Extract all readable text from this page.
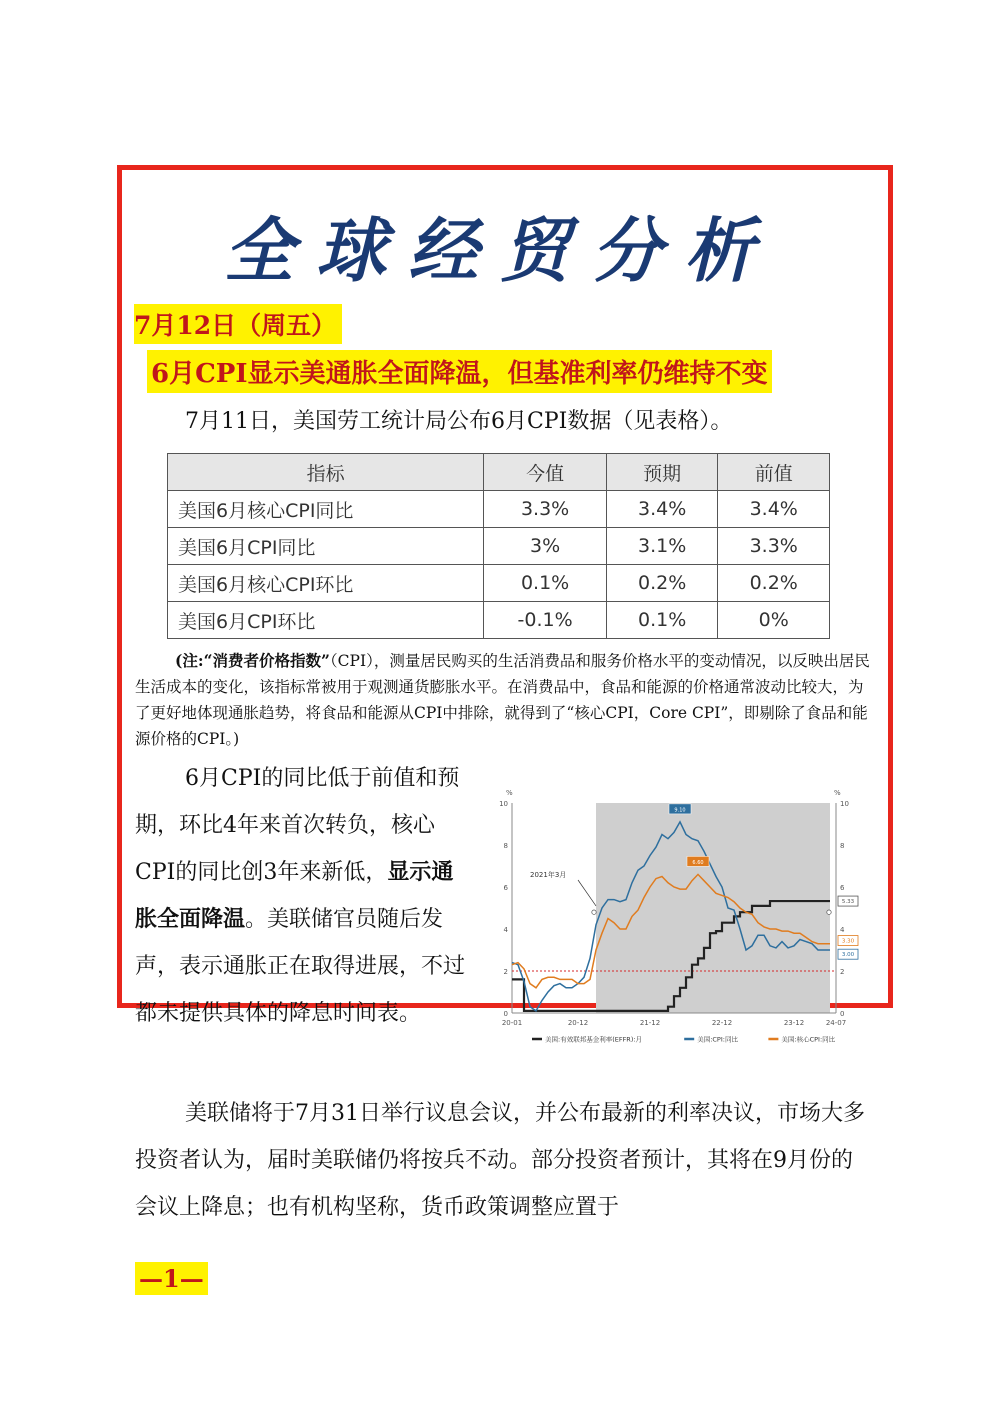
全球经贸分析
7月12日（周五）
6月CPI显示美通胀全面降温，但基准利率仍维持不变

7月11日，美国劳工统计局公布6月CPI数据（见表格）。

指标	今值	预期	前值
美国6月核心CPI同比	3.3%	3.4%	3.4%
美国6月CPI同比	3%	3.1%	3.3%
美国6月核心CPI环比	0.1%	0.2%	0.2%
美国6月CPI环比	-0.1%	0.1%	0%

(注:“消费者价格指数”（CPI），测量居民购买的生活消费品和服务价格水平的变动情况，以反映出居民生活成本的变化，该指标常被用于观测通货膨胀水平。在消费品中，食品和能源的价格通常波动比较大，为了更好地体现通胀趋势，将食品和能源从CPI中排除，就得到了“核心CPI，Core CPI”，即剔除了食品和能源价格的CPI。)

6月CPI的同比低于前值和预期，环比4年来首次转负，核心CPI的同比创3年来新低，显示通胀全面降温。美联储官员随后发声，表示通胀正在取得进展，不过都未提供具体的降息时间表。	0	0
2	2
4	4
6	6
8	8
10	10
%	%
20-01	20-12	21-12	22-12	23-12	24-07
2021年3月
9.10
6.60
5.33
3.30
3.00
美国:有效联邦基金利率(EFFR):月	美国:CPI:同比	美国:核心CPI:同比

美联储将于7月31日举行议息会议，并公布最新的利率决议，市场大多投资者认为，届时美联储仍将按兵不动。部分投资者预计，其将在9月份的会议上降息；也有机构坚称，货币政策调整应置于

—1—
